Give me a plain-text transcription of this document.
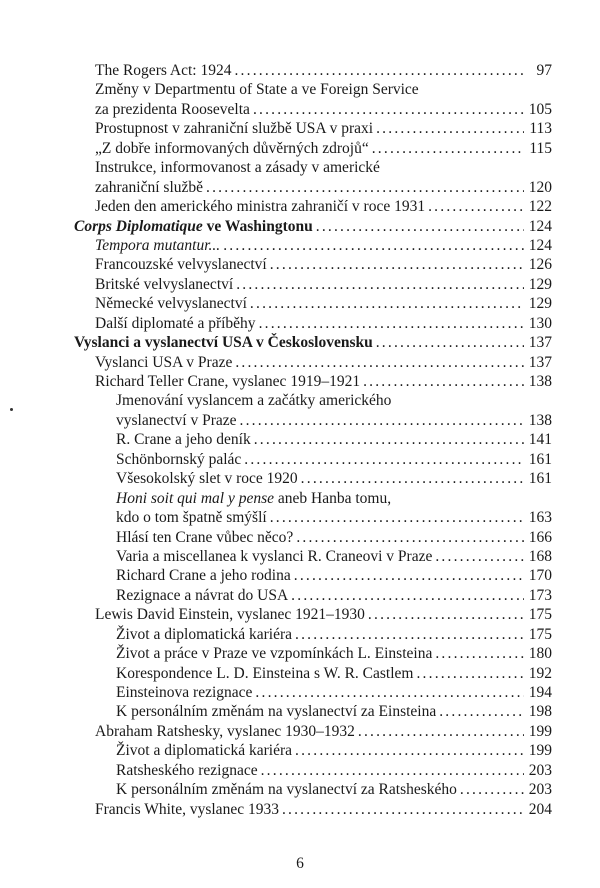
The Rogers Act: 1924 .....	97
Změny v Departmentu of State a ve Foreign Service
za prezidenta Roosevelta .....	105
Prostupnost v zahraniční službě USA v praxi .....	113
„Z dobře informovaných důvěrných zdrojů“ .....	115
Instrukce, informovanost a zásady v americké
zahraniční službě .....	120
Jeden den amerického ministra zahraničí v roce 1931 .....	122
Corps Diplomatique ve Washingtonu .....	124
Tempora mutantur... .....	124
Francouzské velvyslanectví .....	126
Britské velvyslanectví .....	129
Německé velvyslanectví .....	129
Další diplomaté a příběhy .....	130
Vyslanci a vyslanectví USA v Československu .....	137
Vyslanci USA v Praze .....	137
Richard Teller Crane, vyslanec 1919–1921 .....	138
Jmenování vyslancem a začátky amerického
vyslanectví v Praze .....	138
R. Crane a jeho deník .....	141
Schönbornský palác .....	161
Všesokolský slet v roce 1920 .....	161
Honi soit qui mal y pense aneb Hanba tomu,
kdo o tom špatně smýšlí .....	163
Hlásí ten Crane vůbec něco? .....	166
Varia a miscellanea k vyslanci R. Craneovi v Praze .....	168
Richard Crane a jeho rodina .....	170
Rezignace a návrat do USA .....	173
Lewis David Einstein, vyslanec 1921–1930 .....	175
Život a diplomatická kariéra .....	175
Život a práce v Praze ve vzpomínkách L. Einsteina .....	180
Korespondence L. D. Einsteina s W. R. Castlem .....	192
Einsteinova rezignace .....	194
K personálním změnám na vyslanectví za Einsteina .....	198
Abraham Ratshesky, vyslanec 1930–1932 .....	199
Život a diplomatická kariéra .....	199
Ratsheského rezignace .....	203
K personálním změnám na vyslanectví za Ratsheského .....	203
Francis White, vyslanec 1933 .....	204
6
